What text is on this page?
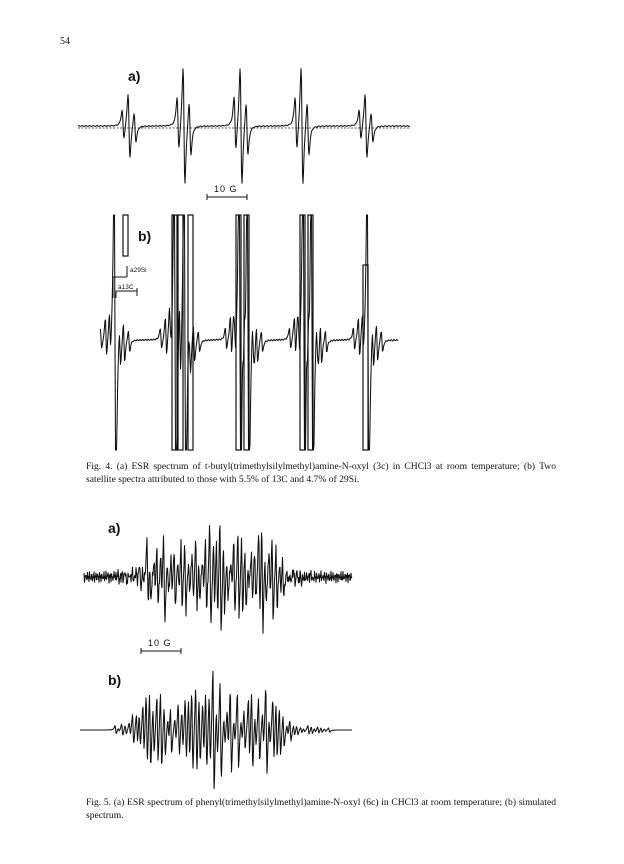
54
a29Si
a13C
a)
10 G
b)
Fig. 4. (a) ESR spectrum of t-butyl(trimethylsilylmethyl)amine-N-oxyl (3c) in CHCl3 at room temperature; (b) Two satellite spectra attributed to those with 5.5% of 13C and 4.7% of 29Si.
a)
10 G
b)
Fig. 5. (a) ESR spectrum of phenyl(trimethylsilylmethyl)amine-N-oxyl (6c) in CHCl3 at room temperature; (b) simulated spectrum.
